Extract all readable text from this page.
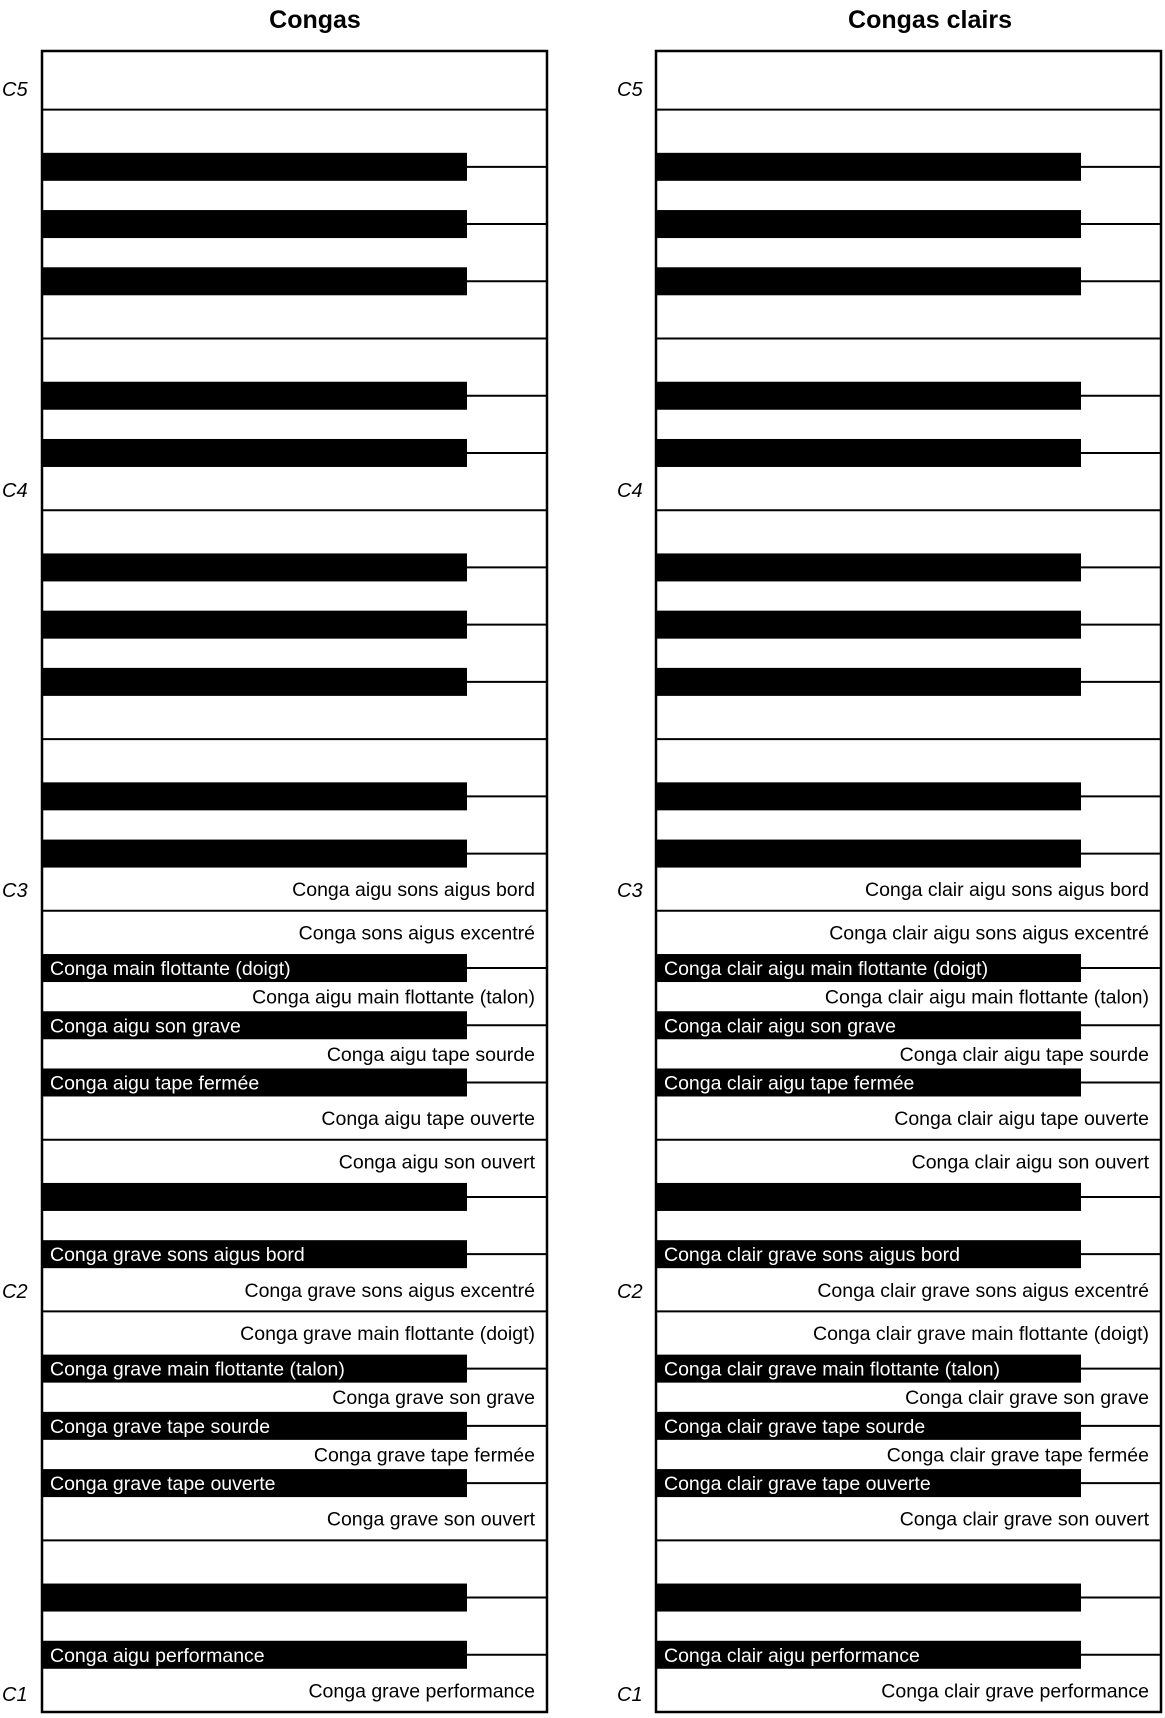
Congas	Congas clairs
C5
C4
C3
C2
C1
C5
C4
C3
C2
C1
Conga aigu performance
Conga grave tape ouverte
Conga grave tape sourde
Conga grave main flottante (talon)
Conga grave sons aigus bord
Conga aigu tape fermée
Conga aigu son grave
Conga main flottante (doigt)
Conga grave performance
Conga grave son ouvert
Conga grave tape fermée
Conga grave son grave
Conga grave main flottante (doigt)
Conga grave sons aigus excentré
Conga aigu son ouvert
Conga aigu tape ouverte
Conga aigu tape sourde
Conga aigu main flottante (talon)
Conga sons aigus excentré
Conga aigu sons aigus bord
Conga clair aigu performance
Conga clair grave tape ouverte
Conga clair grave tape sourde
Conga clair grave main flottante (talon)
Conga clair grave sons aigus bord
Conga clair aigu tape fermée
Conga clair aigu son grave
Conga clair aigu main flottante (doigt)
Conga clair grave performance
Conga clair grave son ouvert
Conga clair grave tape fermée
Conga clair grave son grave
Conga clair grave main flottante (doigt)
Conga clair grave sons aigus excentré
Conga clair aigu son ouvert
Conga clair aigu tape ouverte
Conga clair aigu tape sourde
Conga clair aigu main flottante (talon)
Conga clair aigu sons aigus excentré
Conga clair aigu sons aigus bord
